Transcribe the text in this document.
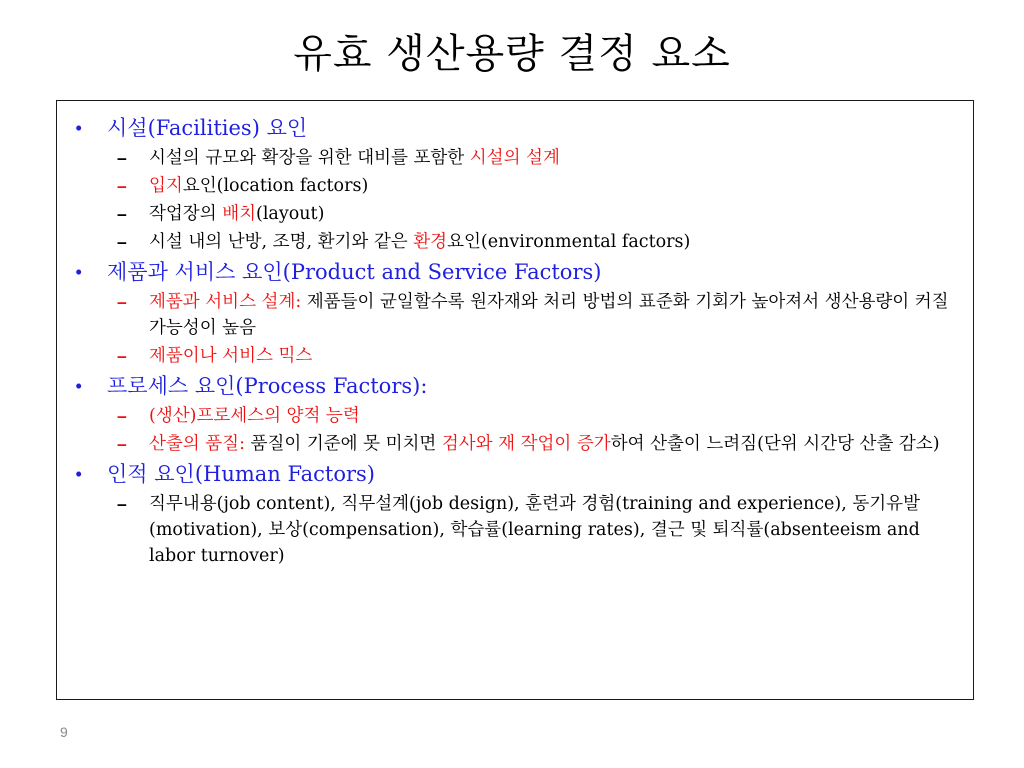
유효 생산용량 결정 요소
•	시설(Facilities) 요인
– 시설의 규모와 확장을 위한 대비를 포함한 시설의 설계
– 입지요인(location factors)
– 작업장의 배치(layout)
– 시설 내의 난방, 조명, 환기와 같은 환경요인(environmental factors)
•	제품과 서비스 요인(Product and Service Factors)
– 제품과 서비스 설계: 제품들이 균일할수록 원자재와 처리 방법의 표준화 기회가 높아져서 생산용량이 커질 가능성이 높음
– 제품이나 서비스 믹스
•	프로세스 요인(Process Factors):
– (생산)프로세스의 양적 능력
– 산출의 품질: 품질이 기준에 못 미치면 검사와 재 작업이 증가하여 산출이 느려짐(단위 시간당 산출 감소)
•	인적 요인(Human Factors)
– 직무내용(job content), 직무설계(job design), 훈련과 경험(training and experience), 동기유발(motivation), 보상(compensation), 학습률(learning rates), 결근 및 퇴직률(absenteeism and labor turnover)
9
